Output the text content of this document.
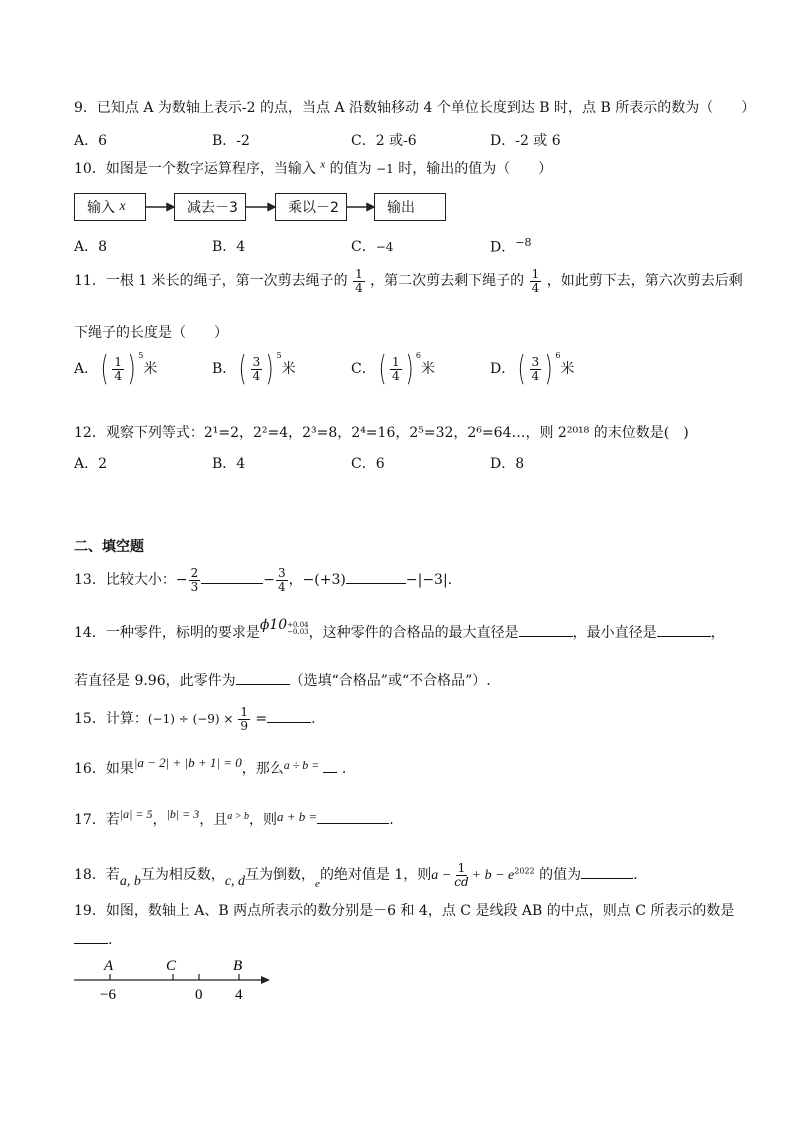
9．已知点 A 为数轴上表示-2 的点，当点 A 沿数轴移动 4 个单位长度到达 B 时，点 B 所表示的数为（　　）
A．6	B．-2	C．2 或-6	D．-2 或 6
10．如图是一个数字运算程序，当输入 $^x$ 的值为 −1 时，输出的值为（　　）
输入
x	减去－3	乘以－2	输出
A．8	B．4	C．−4	D．$^{-8}$
11．一根 1 米长的绳子，第一次剪去绳子的 $\frac{1}{4}$ ，第二次剪去剩下绳子的 $\frac{1}{4}$ ，如此剪下去，第六次剪去后剩
下绳子的长度是（　　）
A． ( $\frac{1}{4}$ ) $^5$
米	B． ( $\frac{3}{4}$ ) $^5$
米	C． ( $\frac{1}{4}$ ) $^6$
米	D． ( $\frac{3}{4}$ ) $^6$
米
12．观察下列等式：2¹=2，2²=4，2³=8，2⁴=16，2⁵=32，2⁶=64…，则 2²⁰¹⁸ 的末位数是(　)
A．2	B．4	C．6	D．8
二、填空题
13．比较大小：− $\frac{2}{3}$	− $\frac{3}{4}$ ，−(+3)	−|−3|.
14．一种零件，标明的要求是ϕ10 +0.04
−0.03 ，这种零件的合格品的最大直径是	，最小直径是	，
若直径是 9.96，此零件为	（选填“合格品”或“不合格品”）.
15．计算：$(-1) \div (-9) \times \frac{1}{9}$ =	.
16．如果|a − 2| + |b + 1| = 0，那么a ÷ b = .
17．若|a| = 5，|b| = 3，且$^{a > b}$，则a + b =	.
18．若a, b互为相反数，c, d互为倒数，$_e$的绝对值是 1，则$a - \frac{1}{cd} + b - e^{2022}$ 的值为	.
19．如图，数轴上 A、B 两点所表示的数分别是－6 和 4，点 C 是线段 AB 的中点，则点 C 所表示的数是
.
A	C	B
−6	0 4
